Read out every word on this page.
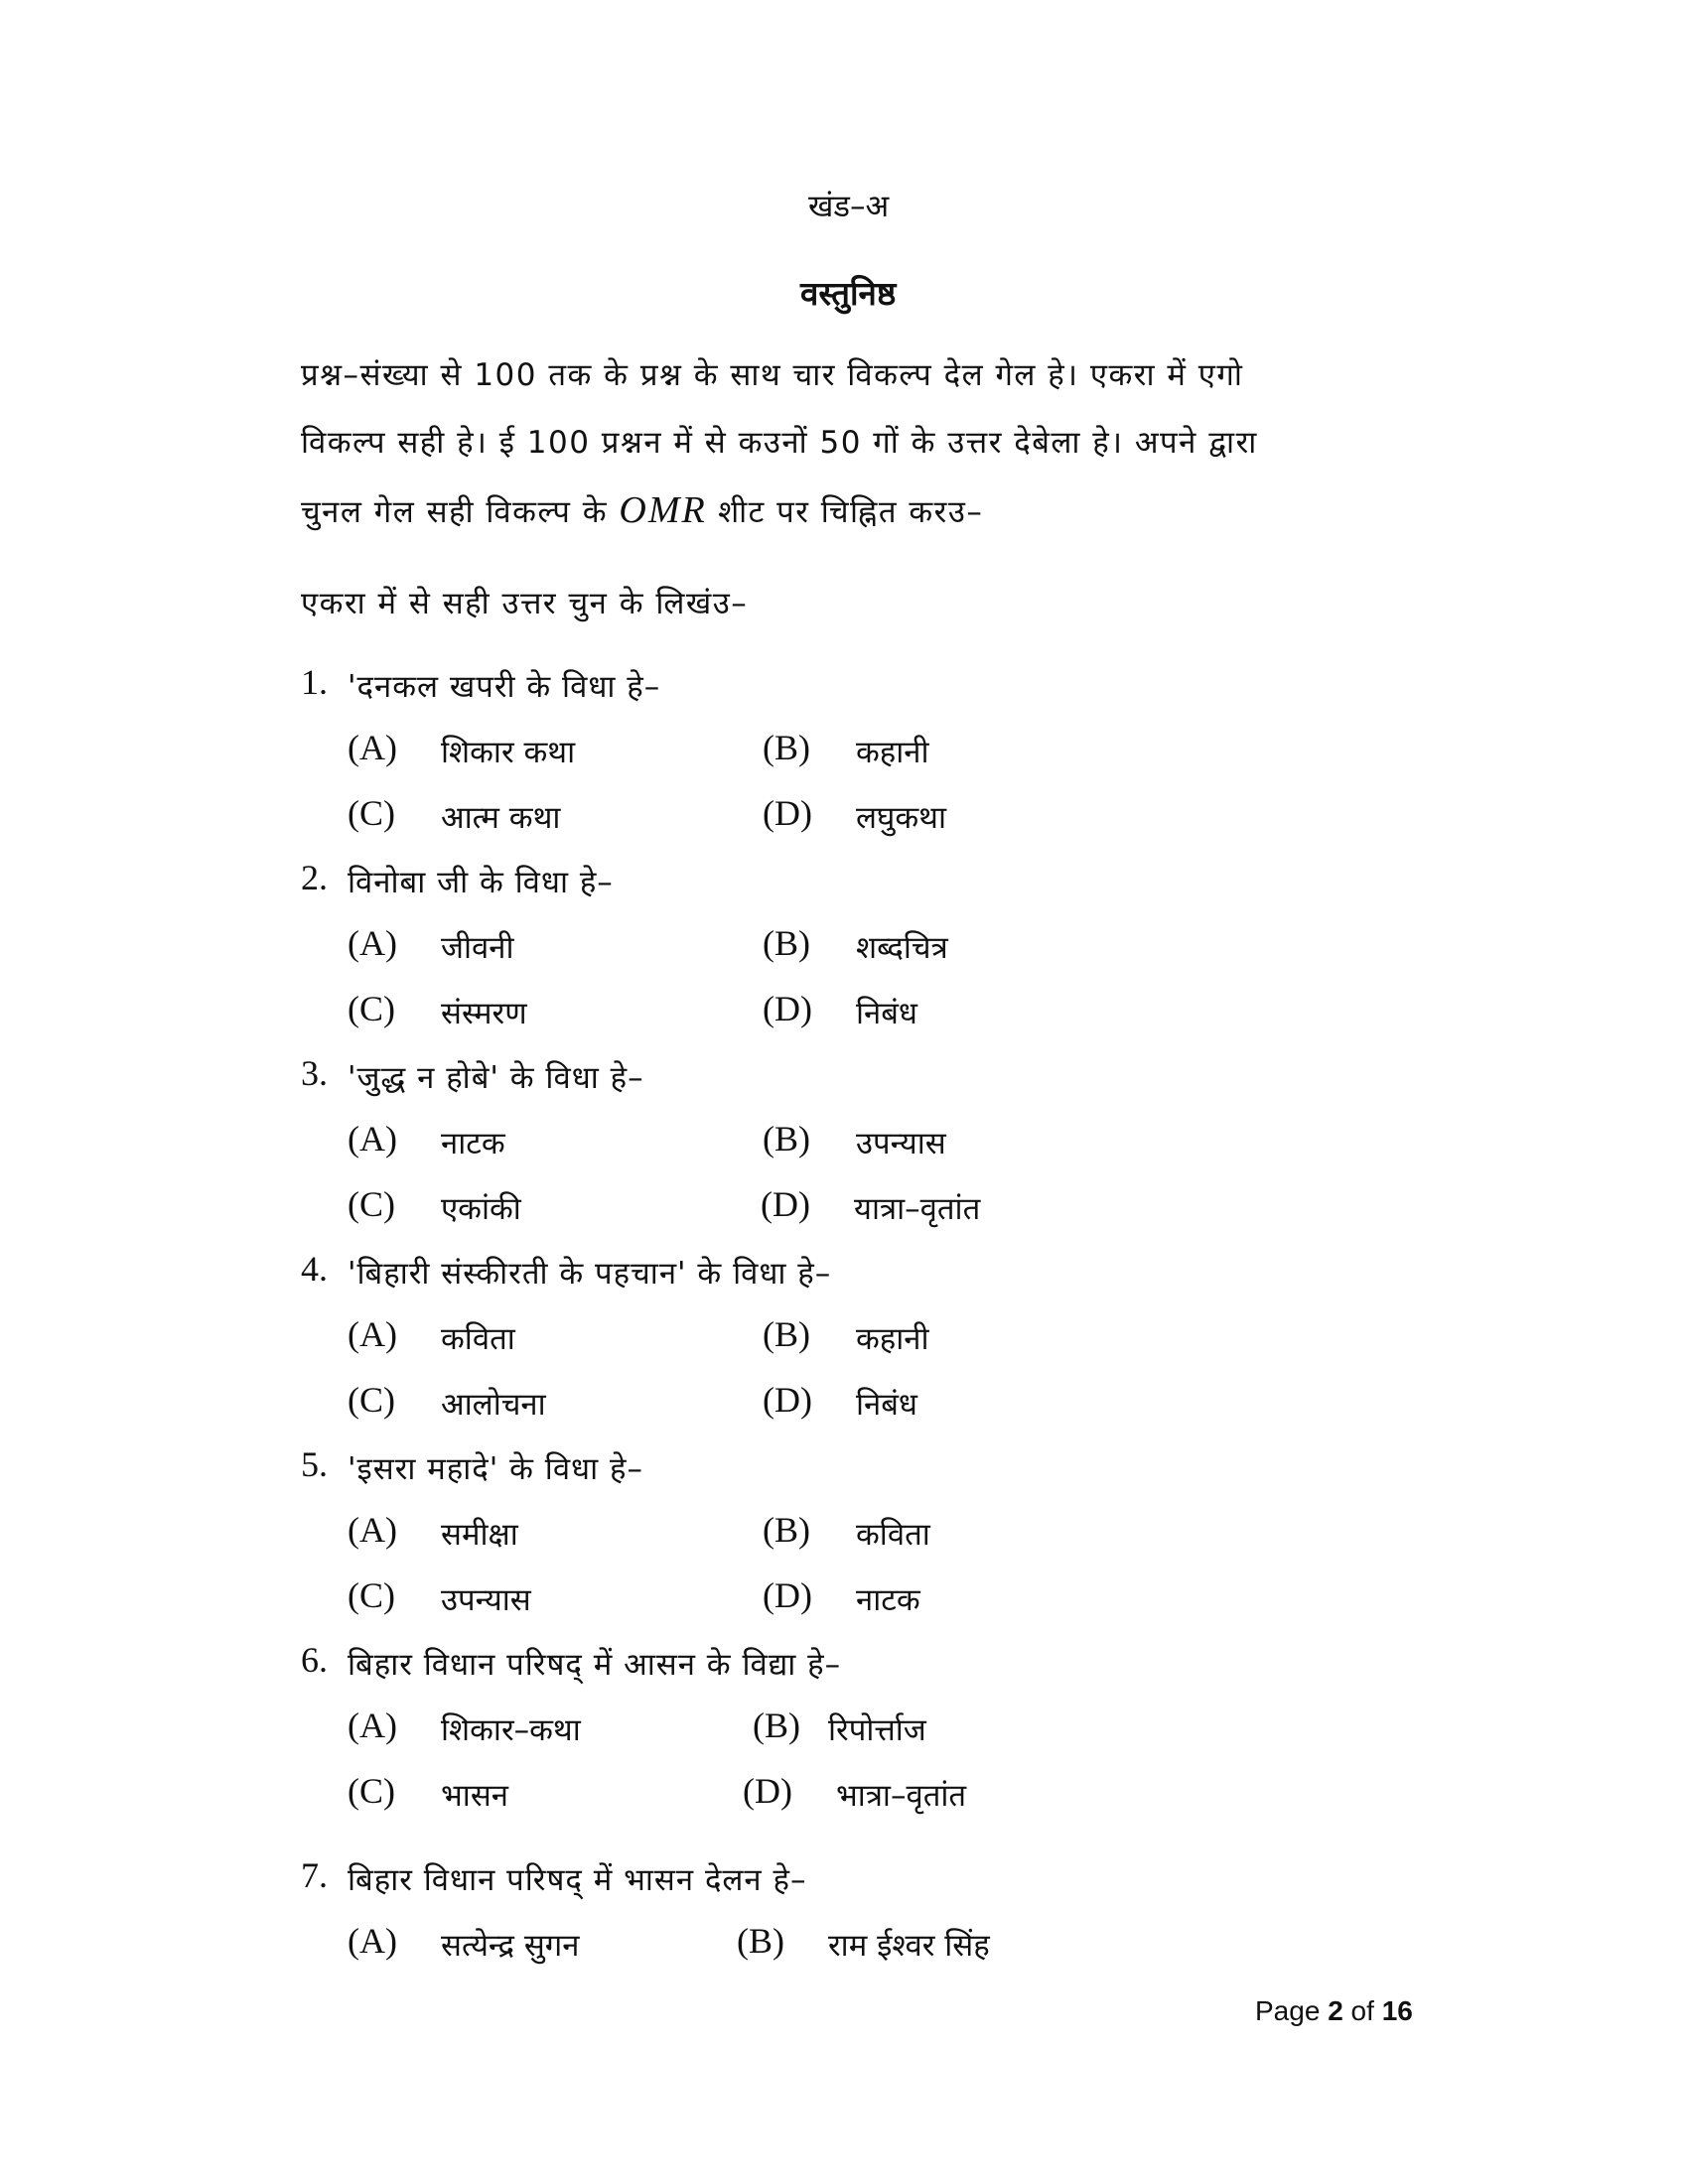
खंड–अ
वस्तुनिष्ठ
प्रश्न–संख्या से 100 तक के प्रश्न के साथ चार विकल्प देल गेल हे। एकरा में एगो
विकल्प सही हे। ई 100 प्रश्नन में से कउनों 50 गों के उत्तर देबेला हे। अपने द्वारा
चुनल गेल सही विकल्प के OMR शीट पर चिह्नित करउ–
एकरा में से सही उत्तर चुन के लिखंउ–
1. 'दनकल खपरी के विधा हे–
(A) शिकार कथा	(B) कहानी
(C) आत्म कथा	(D) लघुकथा
2. विनोबा जी के विधा हे–
(A) जीवनी	(B) शब्दचित्र
(C) संस्मरण	(D) निबंध
3. 'जुद्ध न होबे' के विधा हे–
(A) नाटक	(B) उपन्यास
(C) एकांकी	(D) यात्रा–वृतांत
4. 'बिहारी संस्कीरती के पहचान' के विधा हे–
(A) कविता	(B) कहानी
(C) आलोचना	(D) निबंध
5. 'इसरा महादे' के विधा हे–
(A) समीक्षा	(B) कविता
(C) उपन्यास	(D) नाटक
6. बिहार विधान परिषद् में आसन के विद्या हे–
(A) शिकार–कथा	(B) रिपोर्त्ताज
(C) भासन	(D) भात्रा–वृतांत
7. बिहार विधान परिषद् में भासन देलन हे–
(A) सत्येन्द्र सुगन	(B) राम ईश्वर सिंह
Page 2 of 16
